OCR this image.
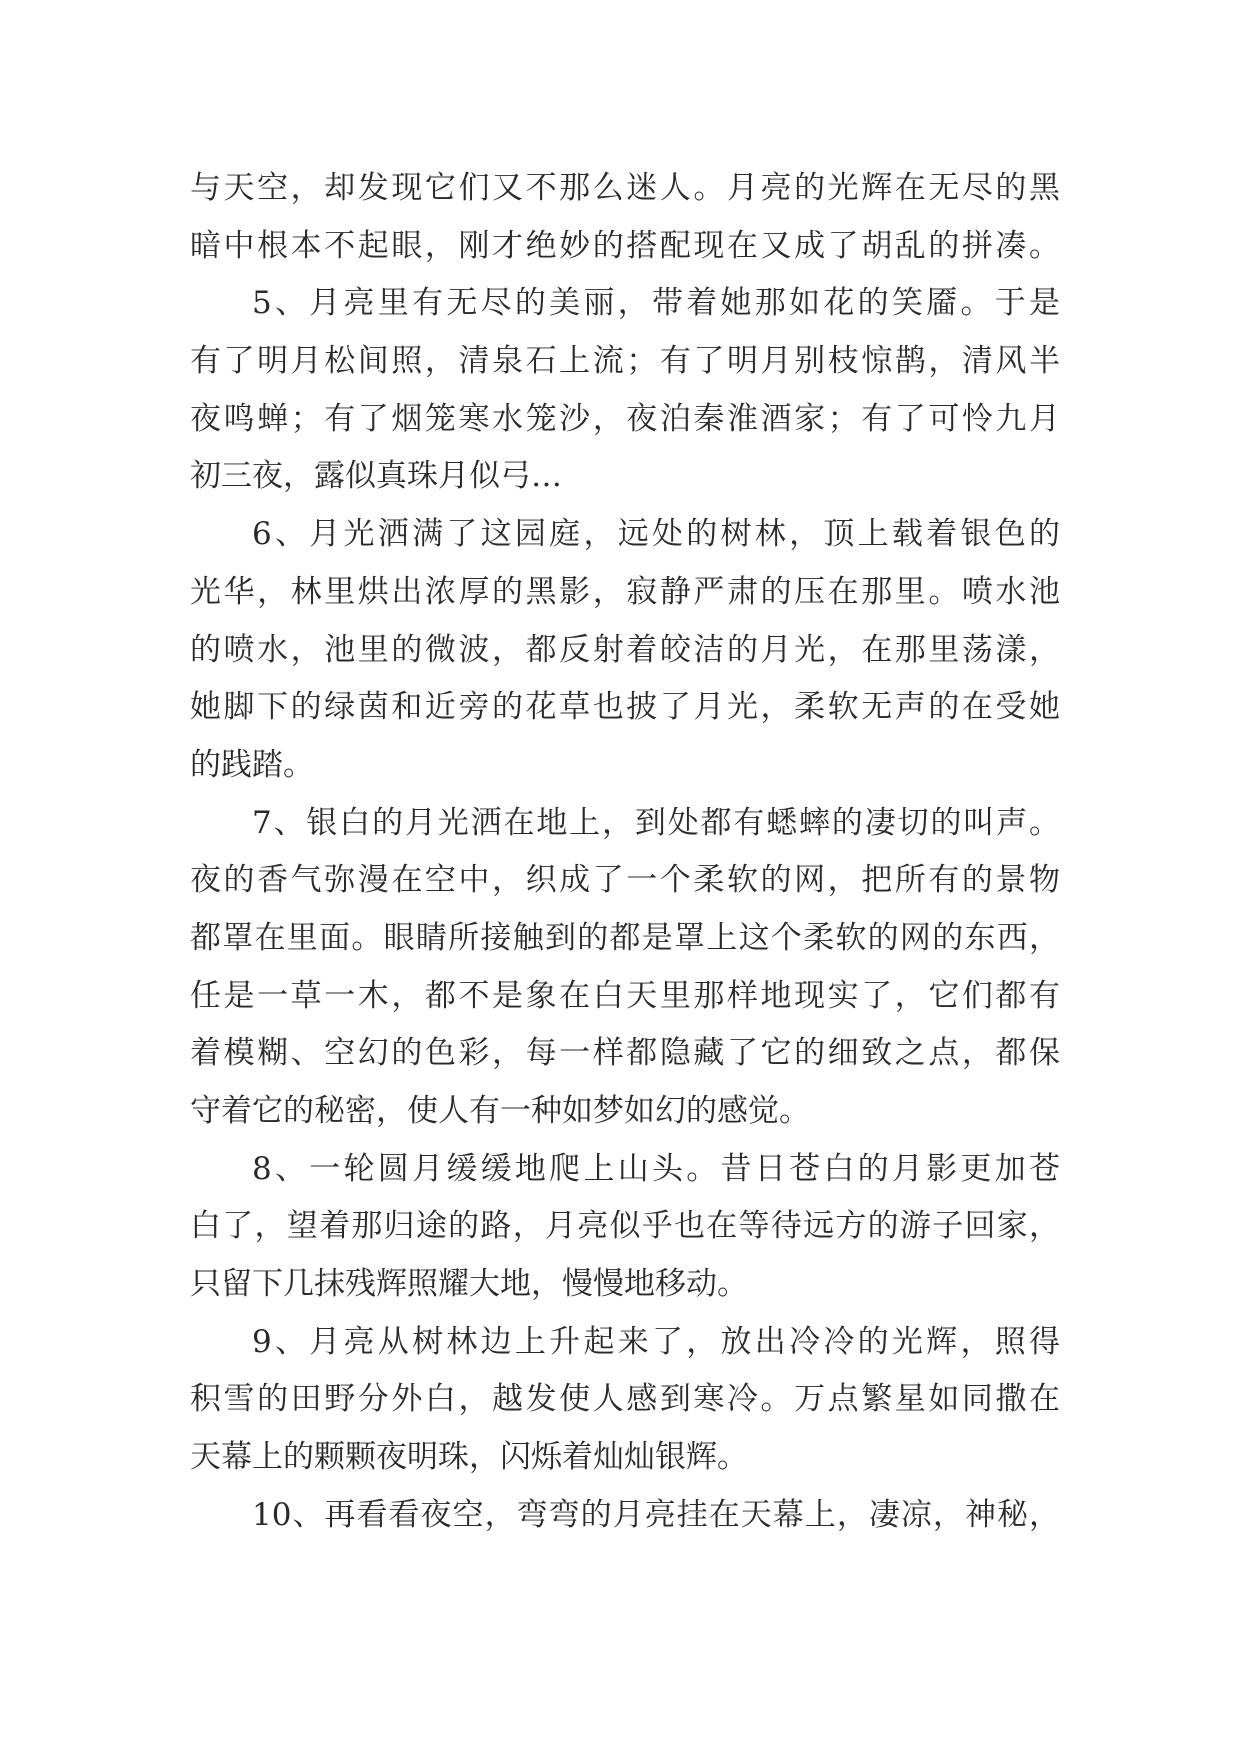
与天空，却发现它们又不那么迷人。月亮的光辉在无尽的黑
暗中根本不起眼，刚才绝妙的搭配现在又成了胡乱的拼凑。
5、月亮里有无尽的美丽，带着她那如花的笑靥。于是
有了明月松间照，清泉石上流；有了明月别枝惊鹊，清风半
夜鸣蝉；有了烟笼寒水笼沙，夜泊秦淮酒家；有了可怜九月
初三夜，露似真珠月似弓…
6、月光洒满了这园庭，远处的树林，顶上载着银色的
光华，林里烘出浓厚的黑影，寂静严肃的压在那里。喷水池
的喷水，池里的微波，都反射着皎洁的月光，在那里荡漾，
她脚下的绿茵和近旁的花草也披了月光，柔软无声的在受她
的践踏。
7、银白的月光洒在地上，到处都有蟋蟀的凄切的叫声。
夜的香气弥漫在空中，织成了一个柔软的网，把所有的景物
都罩在里面。眼睛所接触到的都是罩上这个柔软的网的东西，
任是一草一木，都不是象在白天里那样地现实了，它们都有
着模糊、空幻的色彩，每一样都隐藏了它的细致之点，都保
守着它的秘密，使人有一种如梦如幻的感觉。
8、一轮圆月缓缓地爬上山头。昔日苍白的月影更加苍
白了，望着那归途的路，月亮似乎也在等待远方的游子回家，
只留下几抹残辉照耀大地，慢慢地移动。
9、月亮从树林边上升起来了，放出冷冷的光辉，照得
积雪的田野分外白，越发使人感到寒冷。万点繁星如同撒在
天幕上的颗颗夜明珠，闪烁着灿灿银辉。
10、再看看夜空，弯弯的月亮挂在天幕上，凄凉，神秘，
